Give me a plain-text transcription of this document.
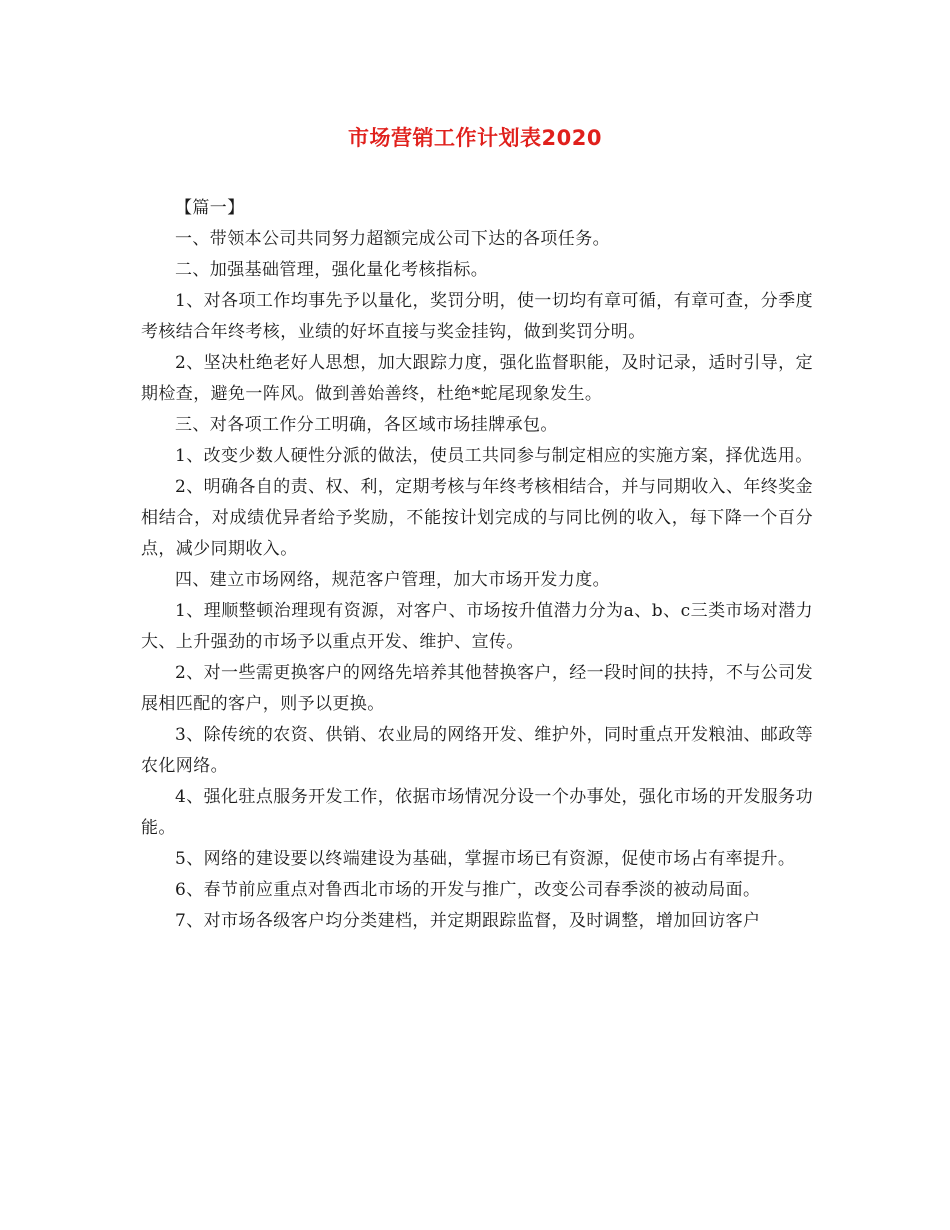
市场营销工作计划表2020

【篇一】

一、带领本公司共同努力超额完成公司下达的各项任务。

二、加强基础管理，强化量化考核指标。

1、对各项工作均事先予以量化，奖罚分明，使一切均有章可循，有章可查，分季度考核结合年终考核，业绩的好坏直接与奖金挂钩，做到奖罚分明。

2、坚决杜绝老好人思想，加大跟踪力度，强化监督职能，及时记录，适时引导，定期检查，避免一阵风。做到善始善终，杜绝*蛇尾现象发生。

三、对各项工作分工明确，各区域市场挂牌承包。

1、改变少数人硬性分派的做法，使员工共同参与制定相应的实施方案，择优选用。

2、明确各自的责、权、利，定期考核与年终考核相结合，并与同期收入、年终奖金相结合，对成绩优异者给予奖励，不能按计划完成的与同比例的收入，每下降一个百分点，减少同期收入。

四、建立市场网络，规范客户管理，加大市场开发力度。

1、理顺整顿治理现有资源，对客户、市场按升值潜力分为a、b、c三类市场对潜力大、上升强劲的市场予以重点开发、维护、宣传。

2、对一些需更换客户的网络先培养其他替换客户，经一段时间的扶持，不与公司发展相匹配的客户，则予以更换。

3、除传统的农资、供销、农业局的网络开发、维护外，同时重点开发粮油、邮政等农化网络。

4、强化驻点服务开发工作，依据市场情况分设一个办事处，强化市场的开发服务功能。

5、网络的建设要以终端建设为基础，掌握市场已有资源，促使市场占有率提升。

6、春节前应重点对鲁西北市场的开发与推广，改变公司春季淡的被动局面。

7、对市场各级客户均分类建档，并定期跟踪监督，及时调整，增加回访客户
